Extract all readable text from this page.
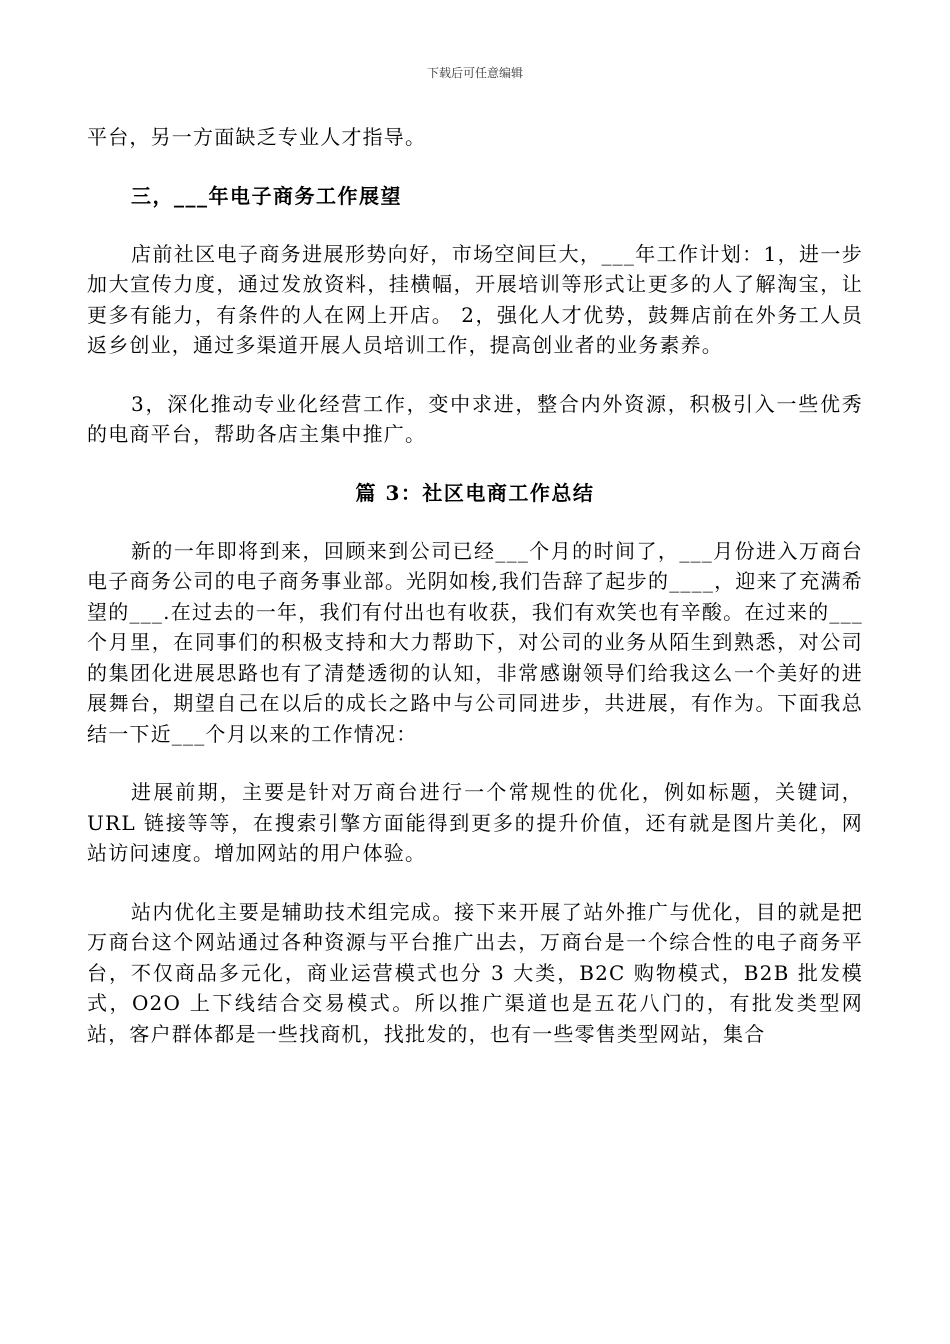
下载后可任意编辑

平台，另一方面缺乏专业人才指导。

三，___年电子商务工作展望

店前社区电子商务进展形势向好，市场空间巨大，___年工作计划：1，进一步加大宣传力度，通过发放资料，挂横幅，开展培训等形式让更多的人了解淘宝，让更多有能力，有条件的人在网上开店。 2，强化人才优势，鼓舞店前在外务工人员返乡创业，通过多渠道开展人员培训工作，提高创业者的业务素养。

3，深化推动专业化经营工作，变中求进，整合内外资源，积极引入一些优秀的电商平台，帮助各店主集中推广。

篇 3：社区电商工作总结

新的一年即将到来，回顾来到公司已经___个月的时间了，___月份进入万商台电子商务公司的电子商务事业部。光阴如梭,我们告辞了起步的____，迎来了充满希望的___.在过去的一年，我们有付出也有收获，我们有欢笑也有辛酸。在过来的___个月里，在同事们的积极支持和大力帮助下，对公司的业务从陌生到熟悉，对公司的集团化进展思路也有了清楚透彻的认知，非常感谢领导们给我这么一个美好的进展舞台，期望自己在以后的成长之路中与公司同进步，共进展，有作为。下面我总结一下近___个月以来的工作情况：

进展前期，主要是针对万商台进行一个常规性的优化，例如标题，关键词，URL 链接等等，在搜索引擎方面能得到更多的提升价值，还有就是图片美化，网站访问速度。增加网站的用户体验。

站内优化主要是辅助技术组完成。接下来开展了站外推广与优化，目的就是把万商台这个网站通过各种资源与平台推广出去，万商台是一个综合性的电子商务平台，不仅商品多元化，商业运营模式也分 3 大类，B2C 购物模式，B2B 批发模式，O2O 上下线结合交易模式。所以推广渠道也是五花八门的，有批发类型网站，客户群体都是一些找商机，找批发的，也有一些零售类型网站，集合
